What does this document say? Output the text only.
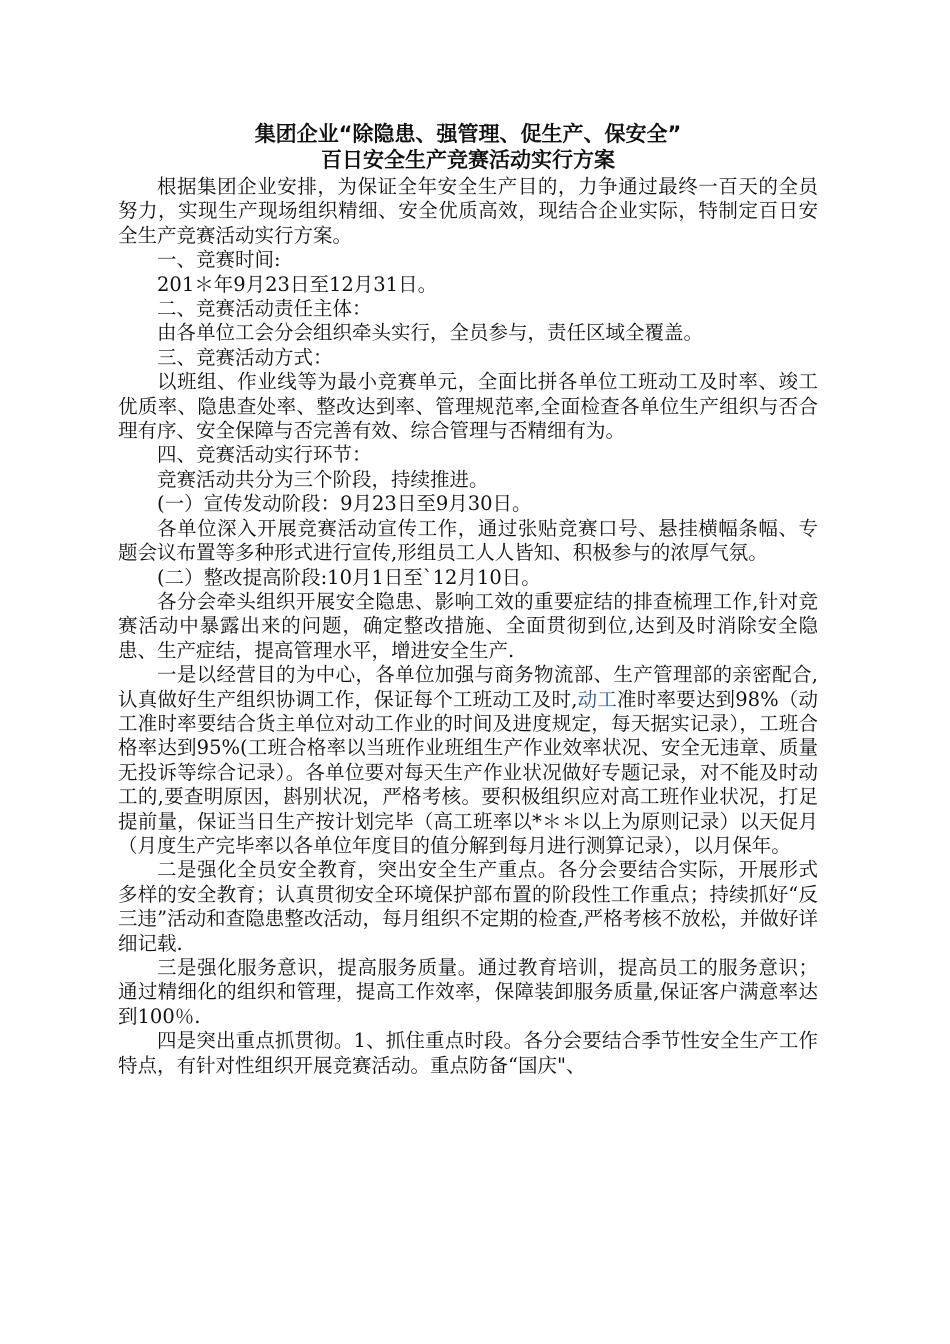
集团企业“除隐患、强管理、促生产、保安全”
百日安全生产竞赛活动实行方案

根据集团企业安排，为保证全年安全生产目的，力争通过最终一百天的全员努力，实现生产现场组织精细、安全优质高效，现结合企业实际，特制定百日安全生产竞赛活动实行方案。

一、竞赛时间:

201＊年9月23日至12月31日。

二、竞赛活动责任主体：

由各单位工会分会组织牵头实行，全员参与，责任区域全覆盖。

三、竞赛活动方式：

以班组、作业线等为最小竞赛单元，全面比拼各单位工班动工及时率、竣工优质率、隐患查处率、整改达到率、管理规范率,全面检查各单位生产组织与否合理有序、安全保障与否完善有效、综合管理与否精细有为。

四、竞赛活动实行环节：

竞赛活动共分为三个阶段，持续推进。

(一）宣传发动阶段：9月23日至9月30日。

各单位深入开展竞赛活动宣传工作，通过张贴竞赛口号、悬挂横幅条幅、专题会议布置等多种形式进行宣传,形组员工人人皆知、积极参与的浓厚气氛。

(二）整改提高阶段:10月1日至`12月10日。

各分会牵头组织开展安全隐患、影响工效的重要症结的排查梳理工作,针对竞赛活动中暴露出来的问题，确定整改措施、全面贯彻到位,达到及时消除安全隐患、生产症结，提高管理水平，增进安全生产.

一是以经营目的为中心，各单位加强与商务物流部、生产管理部的亲密配合,认真做好生产组织协调工作，保证每个工班动工及时,动工准时率要达到98%（动工准时率要结合货主单位对动工作业的时间及进度规定，每天据实记录），工班合格率达到95%(工班合格率以当班作业班组生产作业效率状况、安全无违章、质量无投诉等综合记录）。各单位要对每天生产作业状况做好专题记录，对不能及时动工的,要查明原因，斟别状况，严格考核。要积极组织应对高工班作业状况，打足提前量，保证当日生产按计划完毕（高工班率以*＊＊以上为原则记录）以天促月（月度生产完毕率以各单位年度目的值分解到每月进行测算记录），以月保年。

二是强化全员安全教育，突出安全生产重点。各分会要结合实际，开展形式多样的安全教育；认真贯彻安全环境保护部布置的阶段性工作重点；持续抓好“反三违”活动和查隐患整改活动，每月组织不定期的检查,严格考核不放松，并做好详细记载.

三是强化服务意识，提高服务质量。通过教育培训，提高员工的服务意识；通过精细化的组织和管理，提高工作效率，保障装卸服务质量,保证客户满意率达到100％.

四是突出重点抓贯彻。1、抓住重点时段。各分会要结合季节性安全生产工作特点，有针对性组织开展竞赛活动。重点防备“国庆"、
